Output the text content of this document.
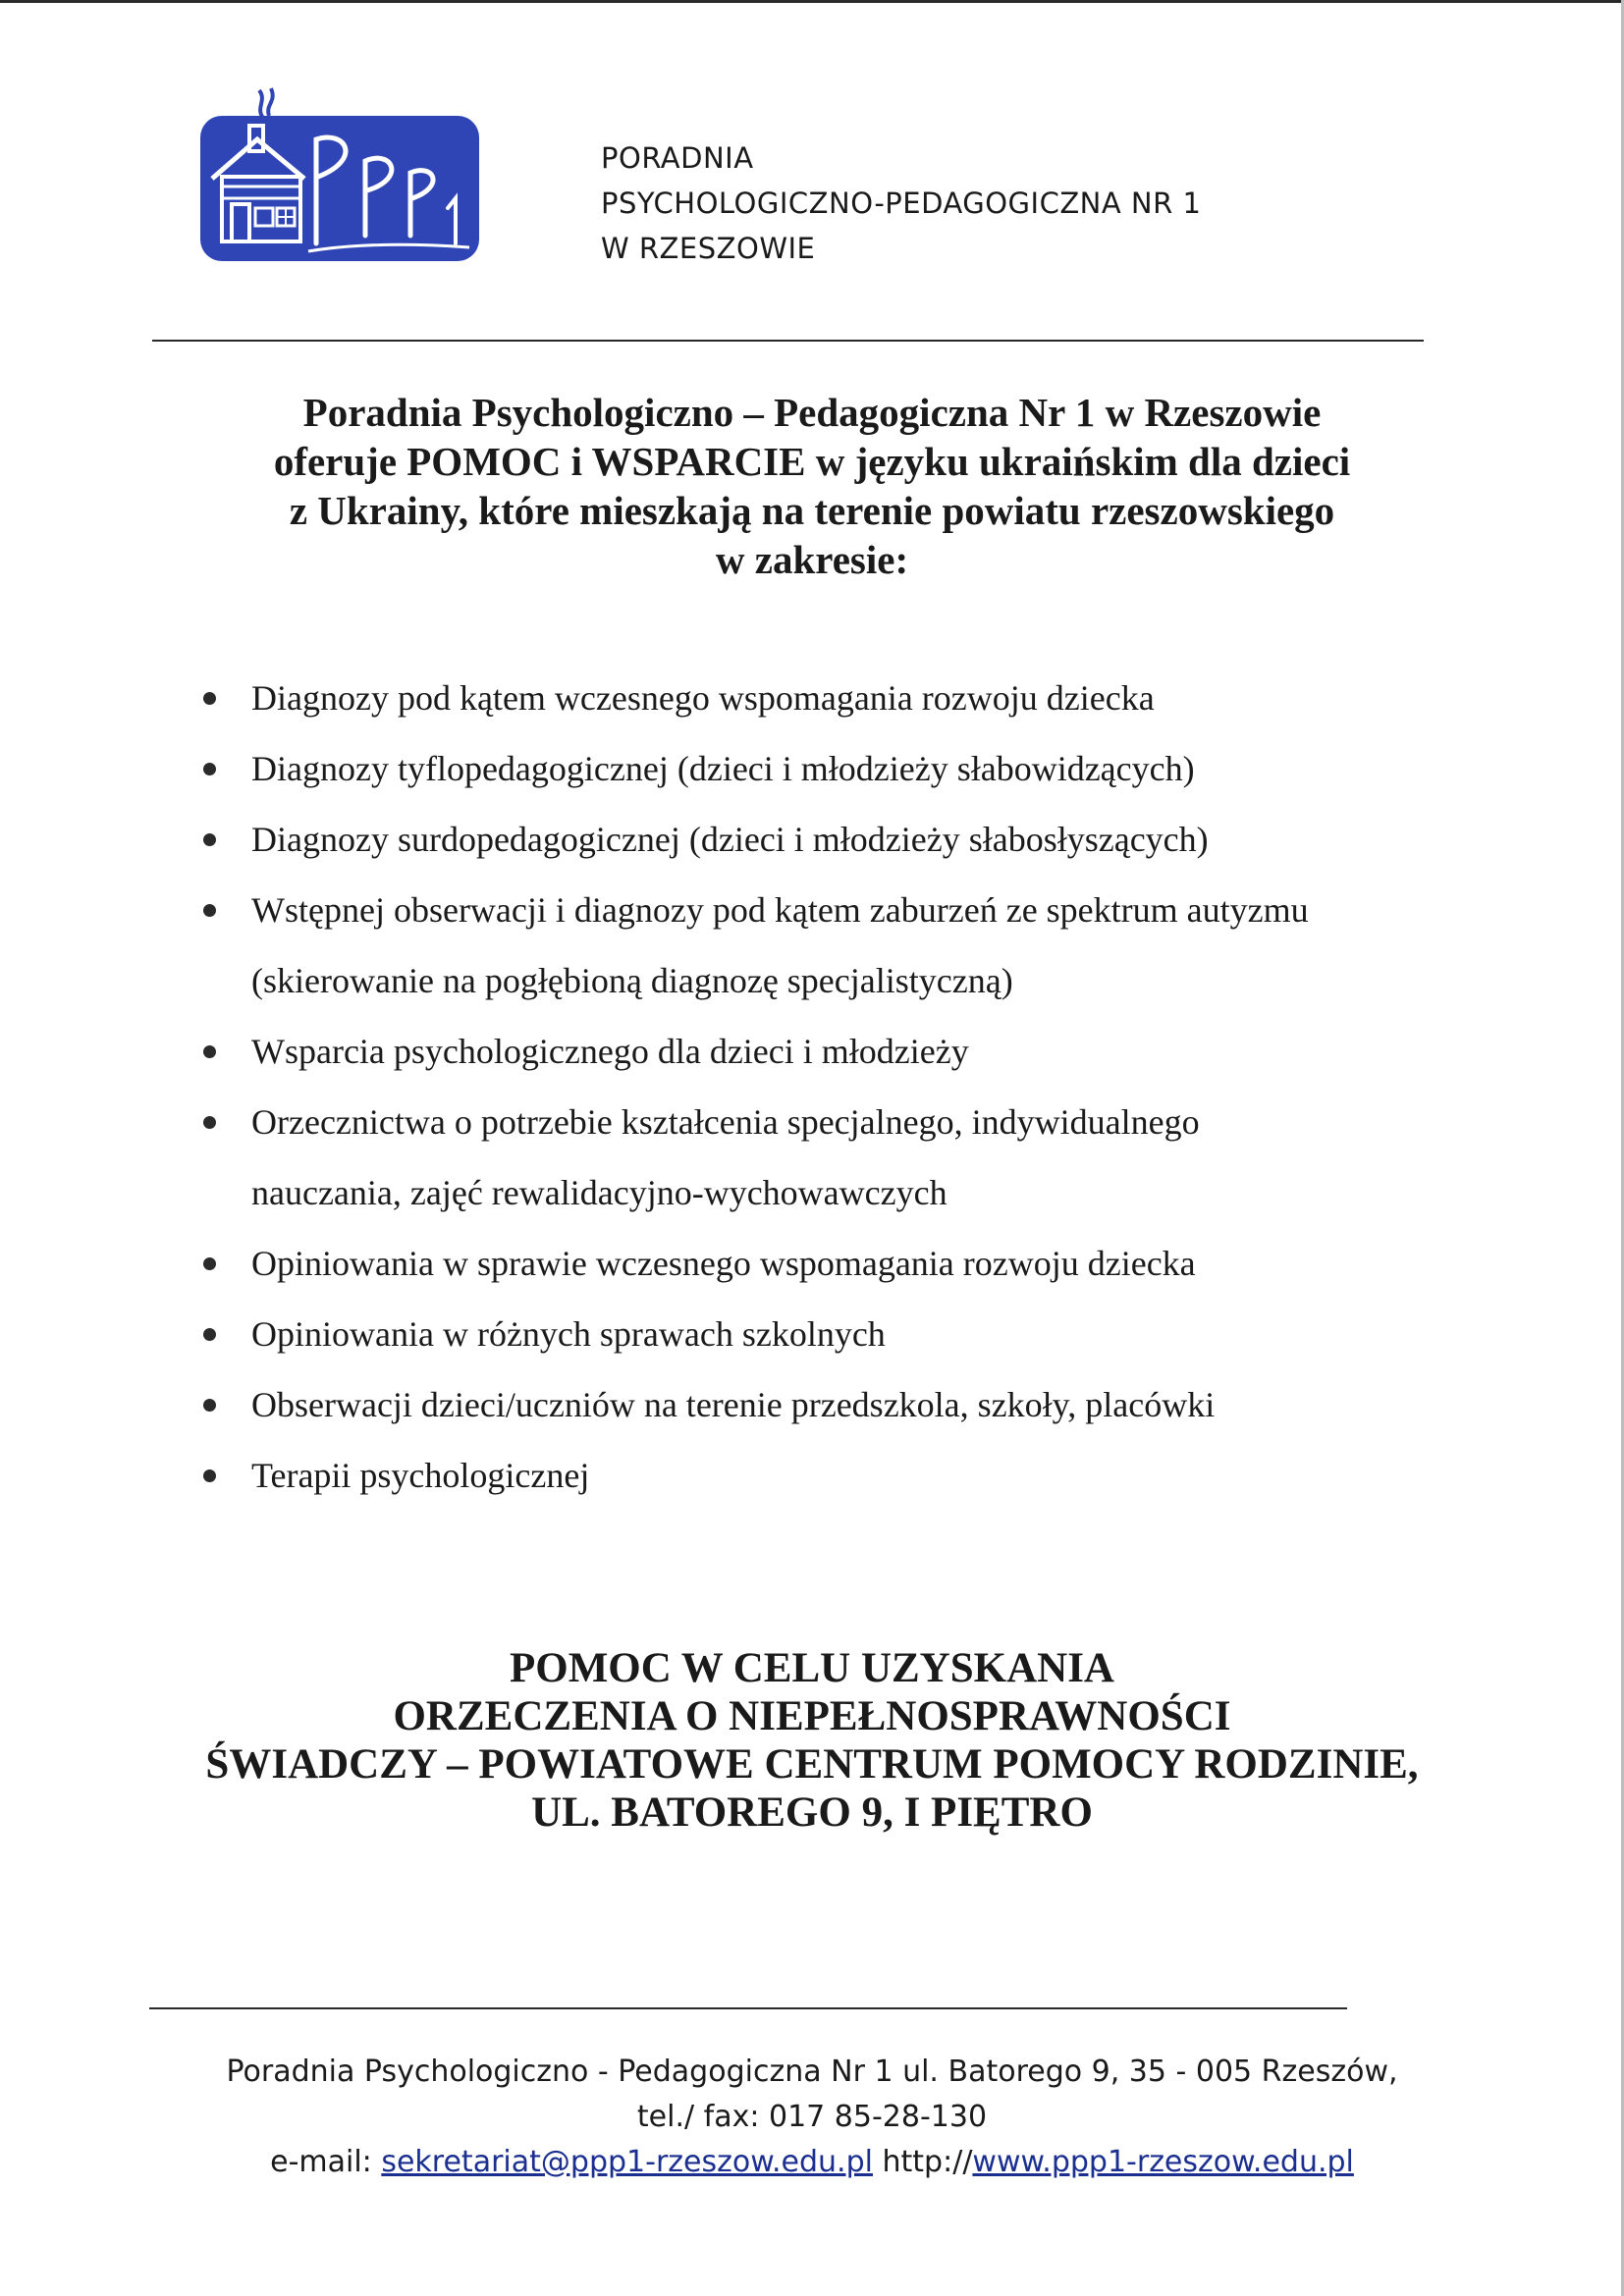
PORADNIA
PSYCHOLOGICZNO-PEDAGOGICZNA NR 1
W RZESZOWIE
Poradnia Psychologiczno – Pedagogiczna Nr 1 w Rzeszowie
oferuje POMOC i WSPARCIE w języku ukraińskim dla dzieci
z Ukrainy, które mieszkają na terenie powiatu rzeszowskiego
w zakresie:
Diagnozy pod kątem wczesnego wspomagania rozwoju dziecka
Diagnozy tyflopedagogicznej (dzieci i młodzieży słabowidzących)
Diagnozy surdopedagogicznej (dzieci i młodzieży słabosłyszących)
Wstępnej obserwacji i diagnozy pod kątem zaburzeń ze spektrum autyzmu
(skierowanie na pogłębioną diagnozę specjalistyczną)
Wsparcia psychologicznego dla dzieci i młodzieży
Orzecznictwa o potrzebie kształcenia specjalnego, indywidualnego
nauczania, zajęć rewalidacyjno-wychowawczych
Opiniowania w sprawie wczesnego wspomagania rozwoju dziecka
Opiniowania w różnych sprawach szkolnych
Obserwacji dzieci/uczniów na terenie przedszkola, szkoły, placówki
Terapii psychologicznej
POMOC W CELU UZYSKANIA
ORZECZENIA O NIEPEŁNOSPRAWNOŚCI
ŚWIADCZY – POWIATOWE CENTRUM POMOCY RODZINIE,
UL. BATOREGO 9, I PIĘTRO
Poradnia Psychologiczno - Pedagogiczna Nr 1 ul. Batorego 9, 35 - 005 Rzeszów,
tel./ fax: 017 85-28-130
e-mail: sekretariat@ppp1-rzeszow.edu.pl http://www.ppp1-rzeszow.edu.pl
